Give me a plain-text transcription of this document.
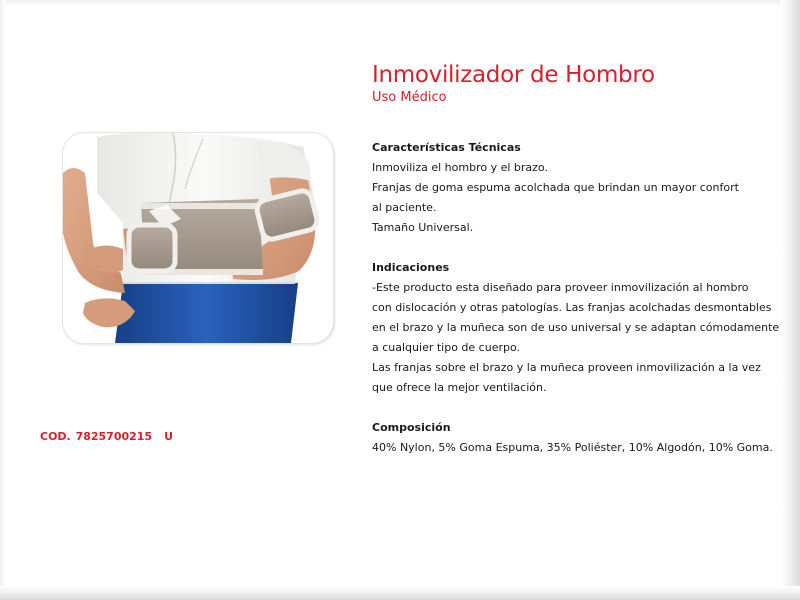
Inmovilizador de Hombro
Uso Médico
Características Técnicas
Inmoviliza el hombro y el brazo.
Franjas de goma espuma acolchada que brindan un mayor confort
al paciente.
Tamaño Universal.
Indicaciones
-Este producto esta diseñado para proveer inmovilización al hombro
con dislocación y otras patologías. Las franjas acolchadas desmontables
en el brazo y la muñeca son de uso universal y se adaptan cómodamente
a cualquier tipo de cuerpo.
Las franjas sobre el brazo y la muñeca proveen inmovilización a la vez
que ofrece la mejor ventilación.
Composición
40% Nylon, 5% Goma Espuma, 35% Poliéster, 10% Algodón, 10% Goma.
COD. 7825700215 U
